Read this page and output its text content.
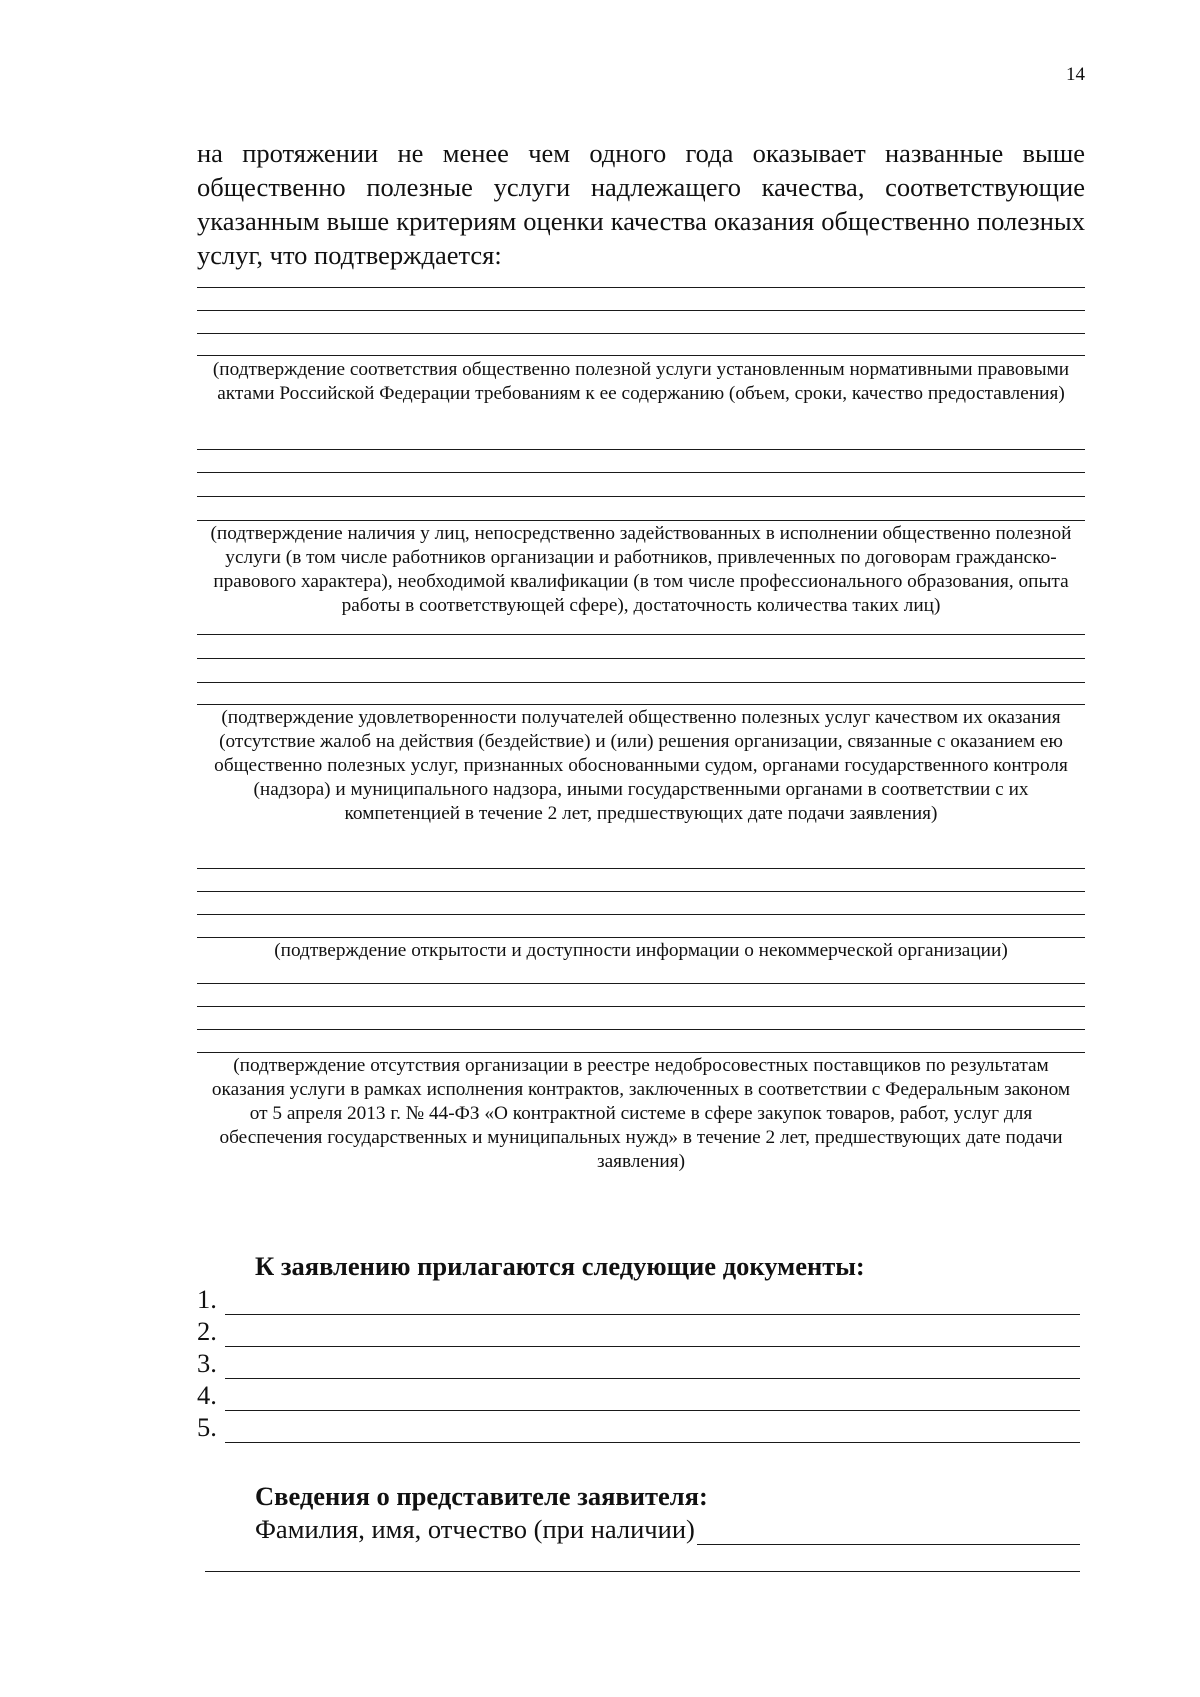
14
на протяжении не менее чем одного года оказывает названные выше общественно полезные услуги надлежащего качества, соответствующие указанным выше критериям оценки качества оказания общественно полезных услуг, что подтверждается:
(подтверждение соответствия общественно полезной услуги установленным нормативными правовыми актами Российской Федерации требованиям к ее содержанию (объем, сроки, качество предоставления)
(подтверждение наличия у лиц, непосредственно задействованных в исполнении общественно полезной услуги (в том числе работников организации и работников, привлеченных по договорам гражданско-правового характера), необходимой квалификации (в том числе профессионального образования, опыта работы в соответствующей сфере), достаточность количества таких лиц)
(подтверждение удовлетворенности получателей общественно полезных услуг качеством их оказания (отсутствие жалоб на действия (бездействие) и (или) решения организации, связанные с оказанием ею общественно полезных услуг, признанных обоснованными судом, органами государственного контроля (надзора) и муниципального надзора, иными государственными органами в соответствии с их компетенцией в течение 2 лет, предшествующих дате подачи заявления)
(подтверждение открытости и доступности информации о некоммерческой организации)
(подтверждение отсутствия организации в реестре недобросовестных поставщиков по результатам оказания услуги в рамках исполнения контрактов, заключенных в соответствии с Федеральным законом от 5 апреля 2013 г. № 44-ФЗ «О контрактной системе в сфере закупок товаров, работ, услуг для обеспечения государственных и муниципальных нужд» в течение 2 лет, предшествующих дате подачи заявления)
К заявлению прилагаются следующие документы:
1.
2.
3.
4.
5.
Сведения о представителе заявителя:
Фамилия, имя, отчество (при наличии)
